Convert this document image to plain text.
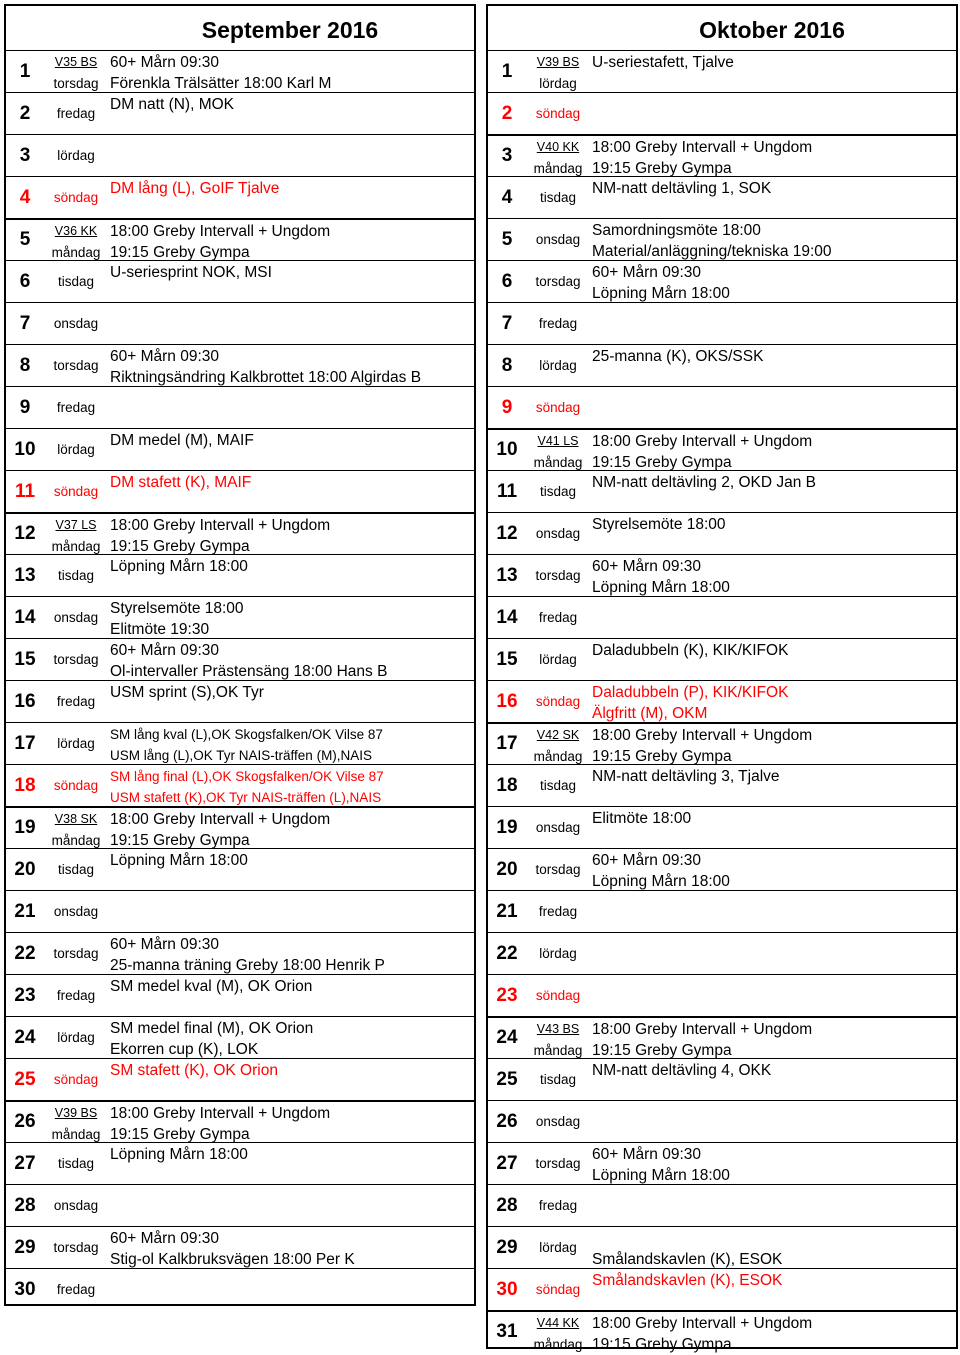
September 2016
1	V35 BS
torsdag
60+ Mårn 09:30
Förenkla Trälsätter 18:00 Karl M
2	fredag
DM natt (N), MOK
3	lördag
4	söndag
DM lång (L), GoIF Tjalve
5	V36 KK
måndag
18:00 Greby Intervall + Ungdom
19:15 Greby Gympa
6	tisdag
U-seriesprint NOK, MSI
7	onsdag
8	torsdag
60+ Mårn 09:30
Riktningsändring Kalkbrottet 18:00 Algirdas B
9	fredag
10	lördag
DM medel (M), MAIF
11	söndag
DM stafett (K), MAIF
12	V37 LS
måndag
18:00 Greby Intervall + Ungdom
19:15 Greby Gympa
13	tisdag
Löpning Mårn 18:00
14	onsdag
Styrelsemöte 18:00
Elitmöte 19:30
15	torsdag
60+ Mårn 09:30
Ol-intervaller Prästensäng 18:00 Hans B
16	fredag
USM sprint (S),OK Tyr
17	lördag
SM lång kval (L),OK Skogsfalken/OK Vilse 87
USM lång (L),OK Tyr NAIS-träffen (M),NAIS
18	söndag
SM lång final (L),OK Skogsfalken/OK Vilse 87
USM stafett (K),OK Tyr NAIS-träffen (L),NAIS
19	V38 SK
måndag
18:00 Greby Intervall + Ungdom
19:15 Greby Gympa
20	tisdag
Löpning Mårn 18:00
21	onsdag
22	torsdag
60+ Mårn 09:30
25-manna träning Greby 18:00 Henrik P
23	fredag
SM medel kval (M), OK Orion
24	lördag
SM medel final (M), OK Orion
Ekorren cup (K), LOK
25	söndag
SM stafett (K), OK Orion
26	V39 BS
måndag
18:00 Greby Intervall + Ungdom
19:15 Greby Gympa
27	tisdag
Löpning Mårn 18:00
28	onsdag
29	torsdag
60+ Mårn 09:30
Stig-ol Kalkbruksvägen 18:00 Per K
30	fredag
Oktober 2016
1	V39 BS
lördag
U-seriestafett, Tjalve
2	söndag
3	V40 KK
måndag
18:00 Greby Intervall + Ungdom
19:15 Greby Gympa
4	tisdag
NM-natt deltävling 1, SOK
5	onsdag
Samordningsmöte 18:00
Material/anläggning/tekniska 19:00
6	torsdag
60+ Mårn 09:30
Löpning Mårn 18:00
7	fredag
8	lördag
25-manna (K), OKS/SSK
9	söndag
10	V41 LS
måndag
18:00 Greby Intervall + Ungdom
19:15 Greby Gympa
11	tisdag
NM-natt deltävling 2, OKD Jan B
12	onsdag
Styrelsemöte 18:00
13	torsdag
60+ Mårn 09:30
Löpning Mårn 18:00
14	fredag
15	lördag
Daladubbeln (K), KIK/KIFOK
16	söndag
Daladubbeln (P), KIK/KIFOK
Älgfritt (M), OKM
17	V42 SK
måndag
18:00 Greby Intervall + Ungdom
19:15 Greby Gympa
18	tisdag
NM-natt deltävling 3, Tjalve
19	onsdag
Elitmöte 18:00
20	torsdag
60+ Mårn 09:30
Löpning Mårn 18:00
21	fredag
22	lördag
23	söndag
24	V43 BS
måndag
18:00 Greby Intervall + Ungdom
19:15 Greby Gympa
25	tisdag
NM-natt deltävling 4, OKK
26	onsdag
27	torsdag
60+ Mårn 09:30
Löpning Mårn 18:00
28	fredag
29	lördag
Smålandskavlen (K), ESOK
30	söndag
Smålandskavlen (K), ESOK
31	V44 KK
måndag
18:00 Greby Intervall + Ungdom
19:15 Greby Gympa
